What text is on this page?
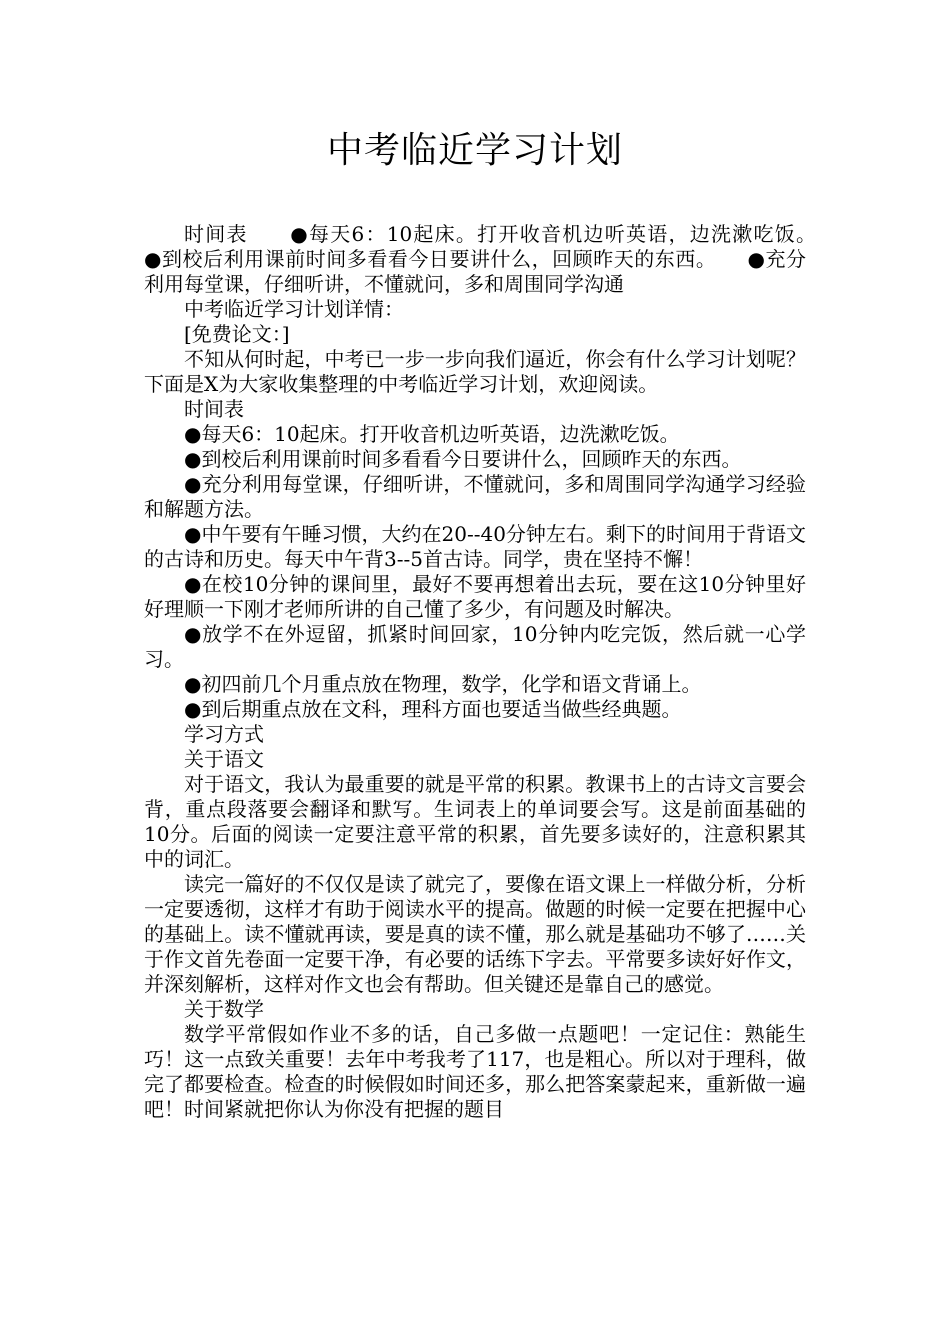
中考临近学习计划

时间表　　●每天6：10起床。打开收音机边听英语，边洗漱吃饭。　　●到校后利用课前时间多看看今日要讲什么，回顾昨天的东西。　　●充分利用每堂课，仔细听讲，不懂就问，多和周围同学沟通

中考临近学习计划详情：

[免费论文：]

不知从何时起，中考已一步一步向我们逼近，你会有什么学习计划呢？下面是X为大家收集整理的中考临近学习计划，欢迎阅读。

时间表

●每天6：10起床。打开收音机边听英语，边洗漱吃饭。

●到校后利用课前时间多看看今日要讲什么，回顾昨天的东西。

●充分利用每堂课，仔细听讲，不懂就问，多和周围同学沟通学习经验和解题方法。

●中午要有午睡习惯，大约在20--40分钟左右。剩下的时间用于背语文的古诗和历史。每天中午背3--5首古诗。同学，贵在坚持不懈！

●在校10分钟的课间里，最好不要再想着出去玩，要在这10分钟里好好理顺一下刚才老师所讲的自己懂了多少，有问题及时解决。

●放学不在外逗留，抓紧时间回家，10分钟内吃完饭，然后就一心学习。

●初四前几个月重点放在物理，数学，化学和语文背诵上。

●到后期重点放在文科，理科方面也要适当做些经典题。

学习方式

关于语文

对于语文，我认为最重要的就是平常的积累。教课书上的古诗文言要会背，重点段落要会翻译和默写。生词表上的单词要会写。这是前面基础的10分。后面的阅读一定要注意平常的积累，首先要多读好的，注意积累其中的词汇。

读完一篇好的不仅仅是读了就完了，要像在语文课上一样做分析，分析一定要透彻，这样才有助于阅读水平的提高。做题的时候一定要在把握中心的基础上。读不懂就再读，要是真的读不懂，那么就是基础功不够了……关于作文首先卷面一定要干净，有必要的话练下字去。平常要多读好好作文，并深刻解析，这样对作文也会有帮助。但关键还是靠自己的感觉。

关于数学

数学平常假如作业不多的话，自己多做一点题吧！一定记住：熟能生巧！这一点致关重要！去年中考我考了117，也是粗心。所以对于理科，做完了都要检查。检查的时候假如时间还多，那么把答案蒙起来，重新做一遍吧！时间紧就把你认为你没有把握的题目
